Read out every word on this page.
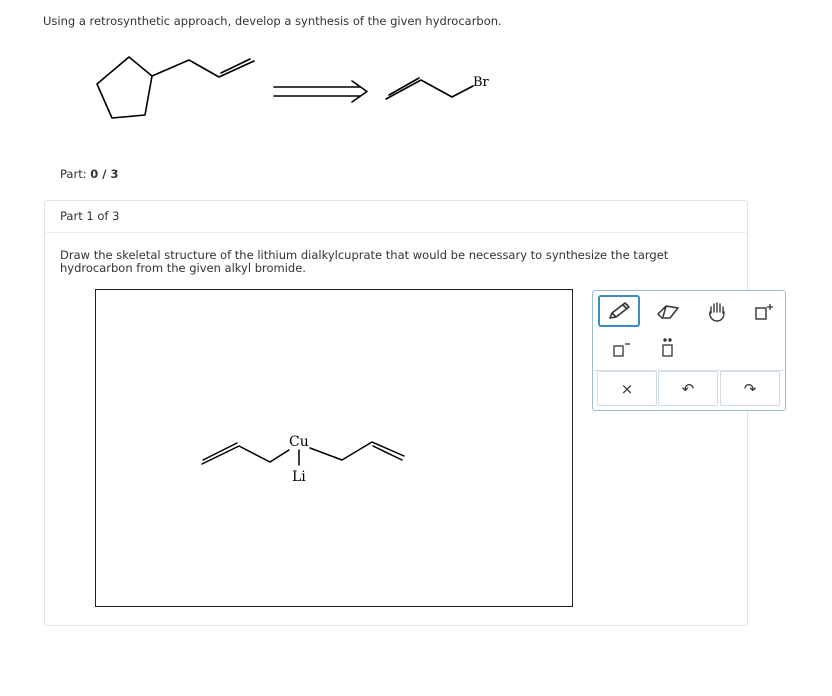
Using a retrosynthetic approach, develop a synthesis of the given hydrocarbon.
Br
Part: 0 / 3
Part 1 of 3
Draw the skeletal structure of the lithium dialkylcuprate that would be necessary to synthesize the target hydrocarbon from the given alkyl bromide.
Cu
Li
×	↶	↷
